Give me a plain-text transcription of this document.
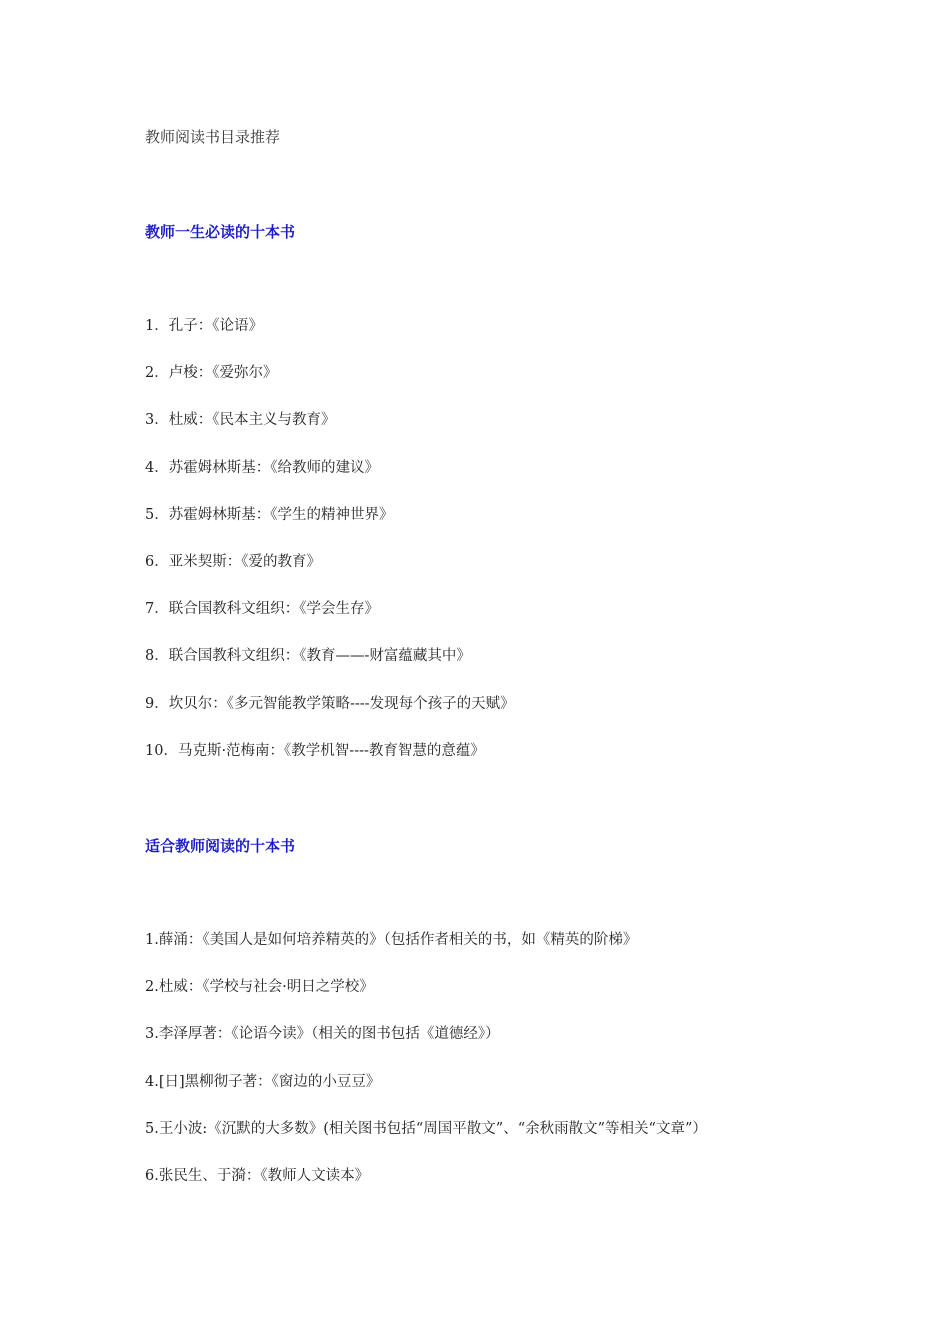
教师阅读书目录推荐
教师一生必读的十本书
1．孔子：《论语》
2．卢梭：《爱弥尔》
3．杜威：《民本主义与教育》
4．苏霍姆林斯基：《给教师的建议》
5．苏霍姆林斯基：《学生的精神世界》
6．亚米契斯：《爱的教育》
7．联合国教科文组织：《学会生存》
8．联合国教科文组织：《教育——-财富蕴藏其中》
9．坎贝尔：《多元智能教学策略----发现每个孩子的天赋》
10．马克斯·范梅南：《教学机智----教育智慧的意蕴》
适合教师阅读的十本书
1.薛涌：《美国人是如何培养精英的》（包括作者相关的书，如《精英的阶梯》
2.杜威：《学校与社会·明日之学校》
3.李泽厚著：《论语今读》（相关的图书包括《道德经》）
4.[日]黑柳彻子著：《窗边的小豆豆》
5.王小波:《沉默的大多数》(相关图书包括“周国平散文”、“余秋雨散文”等相关“文章”）
6.张民生、于漪：《教师人文读本》
